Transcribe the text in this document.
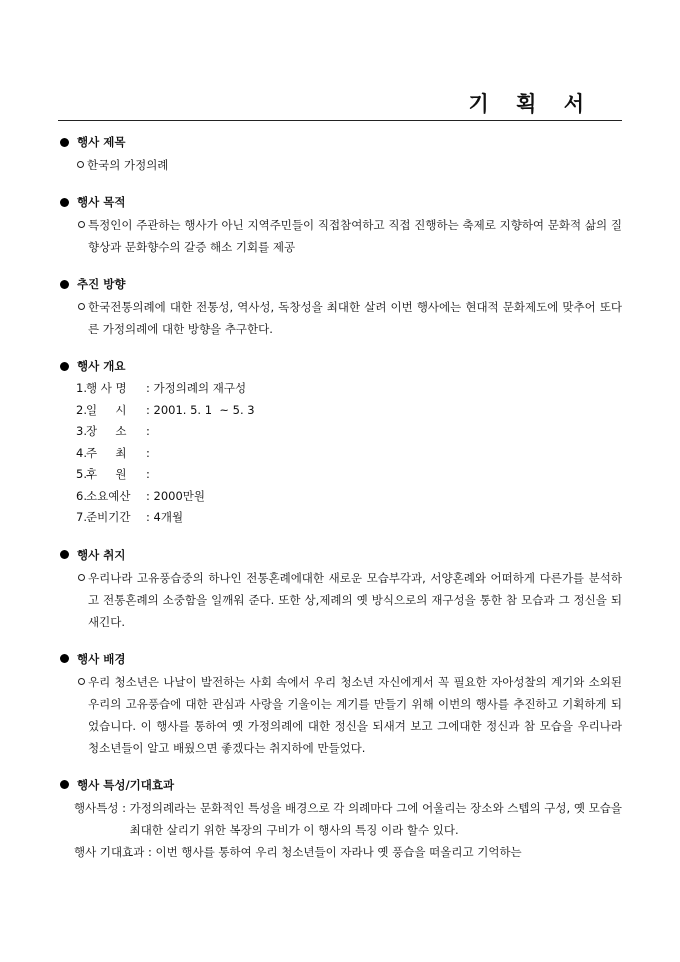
기 획 서
행사 제목
한국의 가정의례
행사 목적
특정인이 주관하는 행사가 아닌 지역주민들이 직접참여하고 직접 진행하는 축제로 지향하여 문화적 삶의 질 향상과 문화향수의 갈증 해소 기회를 제공
추진 방향
한국전통의례에 대한 전통성, 역사성, 독창성을 최대한 살려 이번 행사에는 현대적 문화제도에 맞추어 또다른 가정의례에 대한 방향을 추구한다.
행사 개요
1. 행 사 명	: 가정의례의 재구성
2. 일     시	: 2001. 5. 1  ~ 5. 3
3. 장     소	:
4. 주     최	:
5. 후     원	:
6. 소요예산	: 2000만원
7. 준비기간	: 4개월
행사 취지
우리나라 고유풍습중의 하나인 전통혼례에대한 새로운 모습부각과, 서양혼례와 어떠하게 다른가를 분석하고 전통혼례의 소중함을 일깨워 준다. 또한 상,제례의 옛 방식으로의 재구성을 통한 참 모습과 그 정신을 되새긴다.
행사 배경
우리 청소년은 나날이 발전하는 사회 속에서 우리 청소년 자신에게서 꼭 필요한 자아성찰의 계기와 소외된 우리의 고유풍습에 대한 관심과 사랑을 기울이는 계기를 만들기 위해 이번의 행사를 추진하고 기획하게 되었습니다. 이 행사를 통하여 옛 가정의례에 대한 정신을 되새겨 보고 그에대한 정신과 참 모습을 우리나라 청소년들이 알고 배웠으면 좋겠다는 취지하에 만들었다.
행사 특성/기대효과
행사특성 : 가정의례라는 문화적인 특성을 배경으로 각 의례마다 그에 어울리는 장소와 스텝의 구성, 옛 모습을 최대한 살리기 위한 복장의 구비가 이 행사의 특징 이라 할수 있다.
행사 기대효과 : 이번 행사를 통하여 우리 청소년들이 자라나 옛 풍습을 떠올리고 기억하는
